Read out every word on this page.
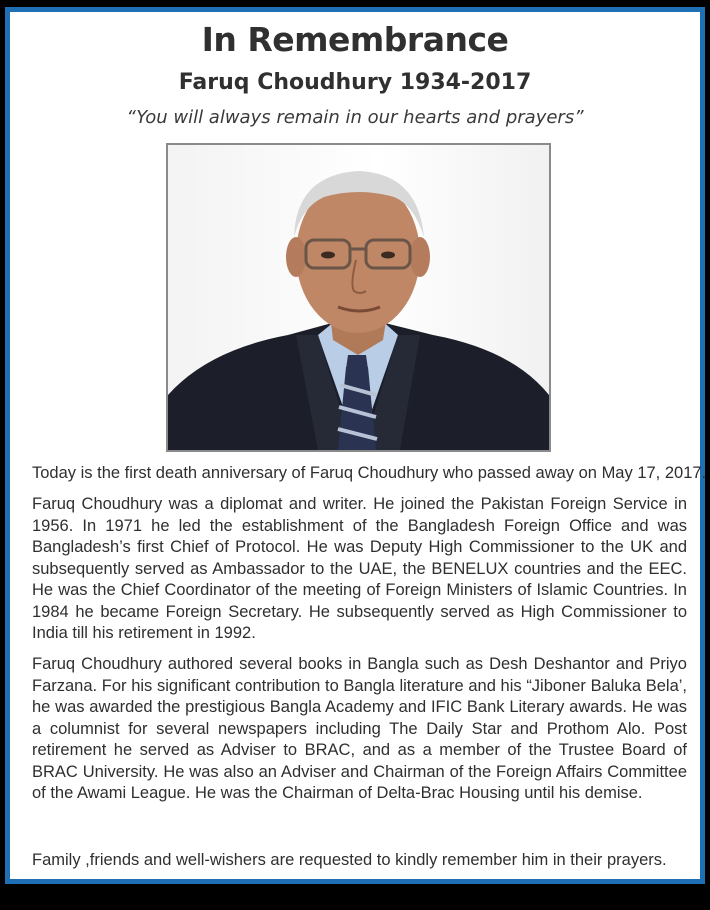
In Remembrance
Faruq Choudhury 1934-2017
“You will always remain in our hearts and prayers”

Today is the first death anniversary of Faruq Choudhury who passed away on May 17, 2017.

Faruq Choudhury was a diplomat and writer. He joined the Pakistan Foreign Service in 1956. In 1971 he led the establishment of the Bangladesh Foreign Office and was Bangladesh’s first Chief of Protocol. He was Deputy High Commissioner to the UK and subsequently served as Ambassador to the UAE, the BENELUX countries and the EEC. He was the Chief Coordinator of the meeting of Foreign Ministers of Islamic Countries. In 1984 he became Foreign Secretary. He subsequently served as High Commissioner to India till his retirement in 1992.

Faruq Choudhury authored several books in Bangla such as Desh Deshantor and Priyo Farzana. For his significant contribution to Bangla literature and his “Jiboner Baluka Bela’, he was awarded the prestigious Bangla Academy and IFIC Bank Literary awards. He was a columnist for several newspapers including The Daily Star and Prothom Alo. Post retirement he served as Adviser to BRAC, and as a member of the Trustee Board of BRAC University. He was also an Adviser and Chairman of the Foreign Affairs Committee of the Awami League. He was the Chairman of Delta-Brac Housing until his demise.

Family ,friends and well-wishers are requested to kindly remember him in their prayers.
